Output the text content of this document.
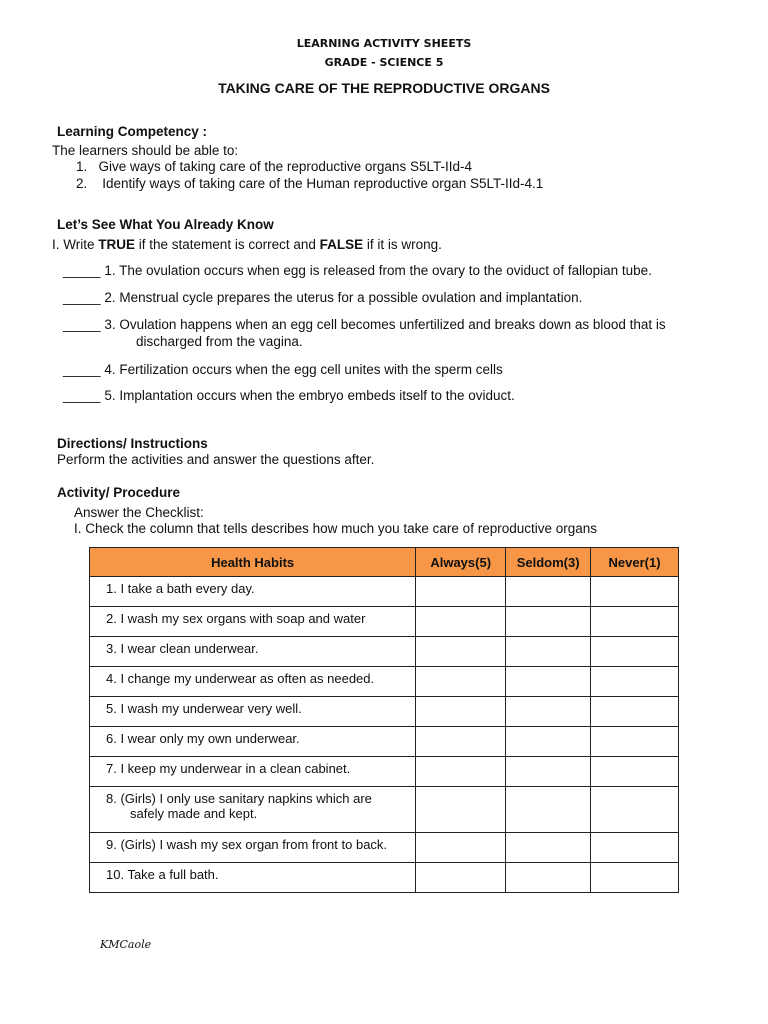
LEARNING ACTIVITY SHEETS
GRADE - SCIENCE 5
TAKING CARE OF THE REPRODUCTIVE ORGANS
Learning Competency :
The learners should be able to:
1. Give ways of taking care of the reproductive organs S5LT-IId-4
2. Identify ways of taking care of the Human reproductive organ S5LT-IId-4.1
Let’s See What You Already Know
I. Write TRUE if the statement is correct and FALSE if it is wrong.
_____ 1. The ovulation occurs when egg is released from the ovary to the oviduct of fallopian tube.
_____ 2. Menstrual cycle prepares the uterus for a possible ovulation and implantation.
_____ 3. Ovulation happens when an egg cell becomes unfertilized and breaks down as blood that is
discharged from the vagina.
_____ 4. Fertilization occurs when the egg cell unites with the sperm cells
_____ 5. Implantation occurs when the embryo embeds itself to the oviduct.
Directions/ Instructions
Perform the activities and answer the questions after.
Activity/ Procedure
Answer the Checklist:
I. Check the column that tells describes how much you take care of reproductive organs
Health Habits	Always(5)	Seldom(3)	Never(1)
1. I take a bath every day.			
2. I wash my sex organs with soap and water			
3. I wear clean underwear.			
4. I change my underwear as often as needed.			
5. I wash my underwear very well.			
6. I wear only my own underwear.			
7. I keep my underwear in a clean cabinet.			
8. (Girls) I only use sanitary napkins which are
safely made and kept.			

9. (Girls) I wash my sex organ from front to back.			
10. Take a full bath.			
KMCaole
